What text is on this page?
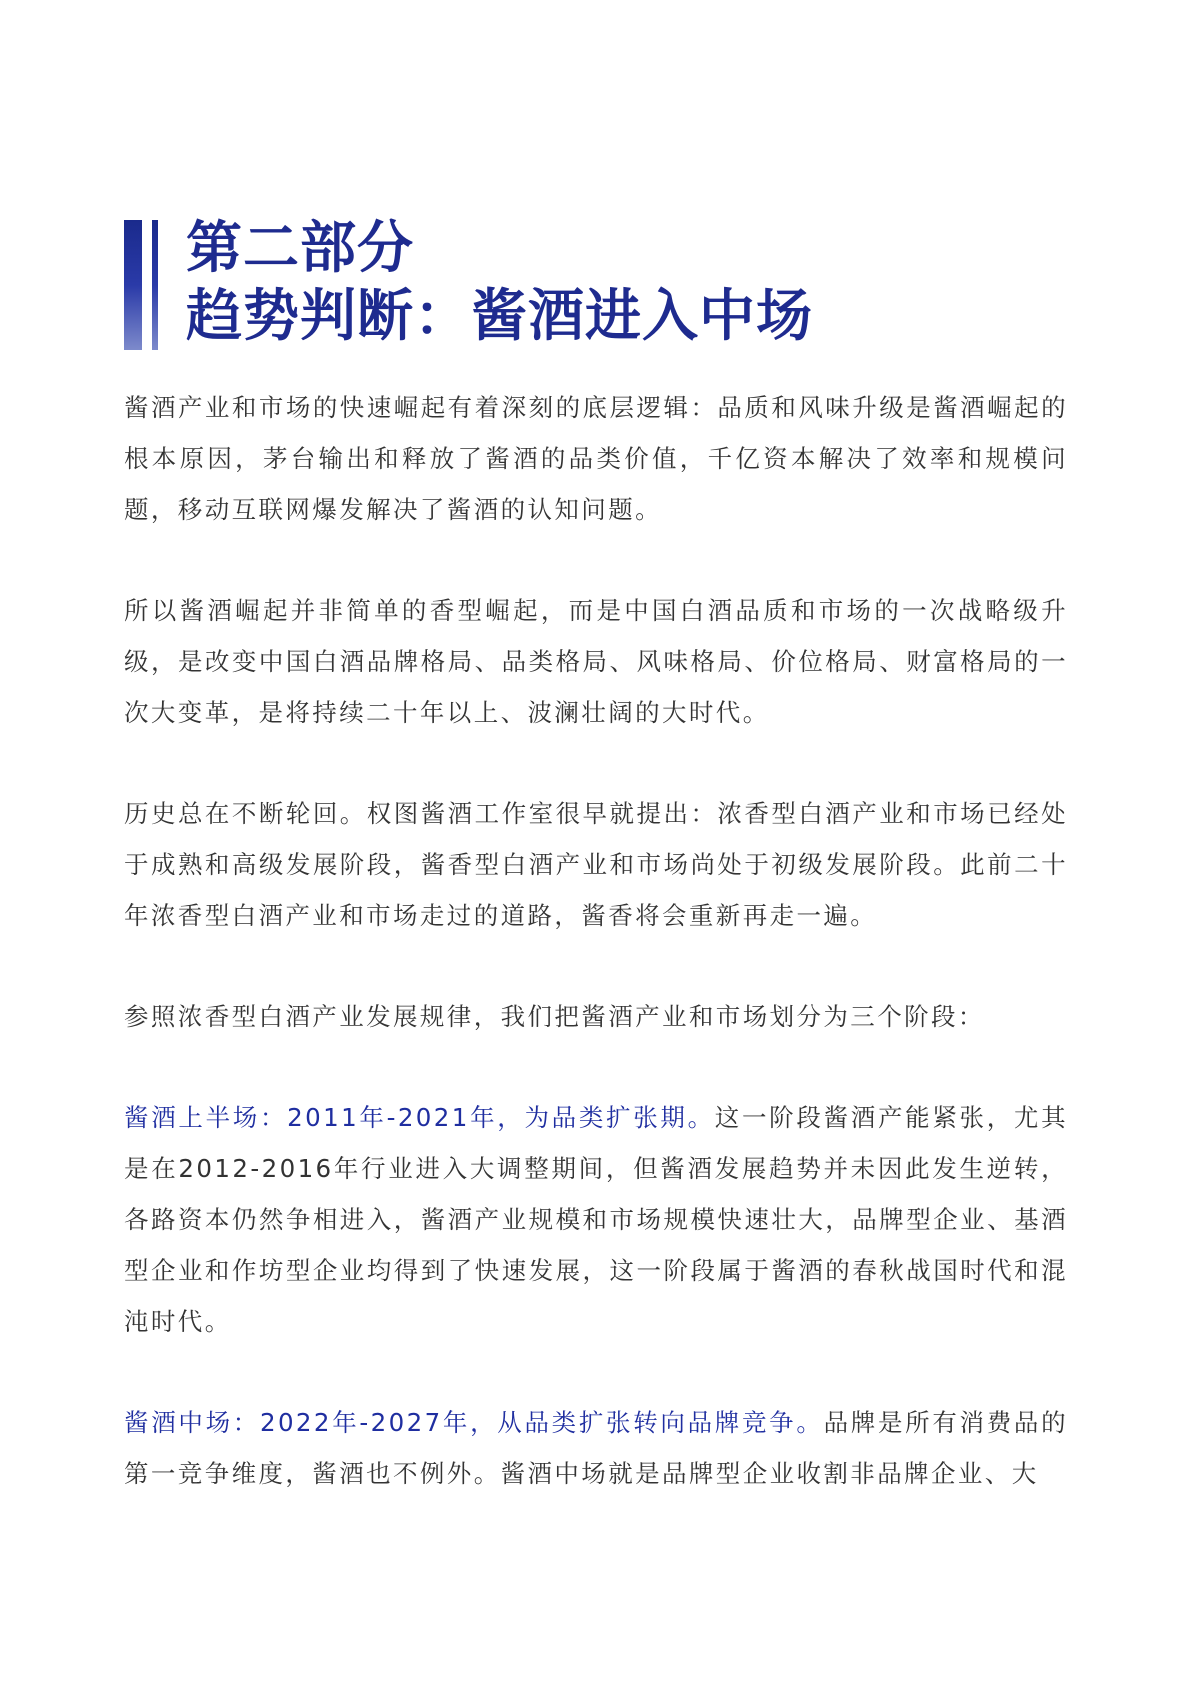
第二部分
趋势判断：酱酒进入中场

酱酒产业和市场的快速崛起有着深刻的底层逻辑：品质和风味升级是酱酒崛起的根本原因，茅台输出和释放了酱酒的品类价值，千亿资本解决了效率和规模问题，移动互联网爆发解决了酱酒的认知问题。

所以酱酒崛起并非简单的香型崛起，而是中国白酒品质和市场的一次战略级升级，是改变中国白酒品牌格局、品类格局、风味格局、价位格局、财富格局的一次大变革，是将持续二十年以上、波澜壮阔的大时代。

历史总在不断轮回。权图酱酒工作室很早就提出：浓香型白酒产业和市场已经处于成熟和高级发展阶段，酱香型白酒产业和市场尚处于初级发展阶段。此前二十年浓香型白酒产业和市场走过的道路，酱香将会重新再走一遍。

参照浓香型白酒产业发展规律，我们把酱酒产业和市场划分为三个阶段：

酱酒上半场：2011年-2021年，为品类扩张期。这一阶段酱酒产能紧张，尤其是在2012-2016年行业进入大调整期间，但酱酒发展趋势并未因此发生逆转，各路资本仍然争相进入，酱酒产业规模和市场规模快速壮大，品牌型企业、基酒型企业和作坊型企业均得到了快速发展，这一阶段属于酱酒的春秋战国时代和混沌时代。

酱酒中场：2022年-2027年，从品类扩张转向品牌竞争。品牌是所有消费品的第一竞争维度，酱酒也不例外。酱酒中场就是品牌型企业收割非品牌企业、大
